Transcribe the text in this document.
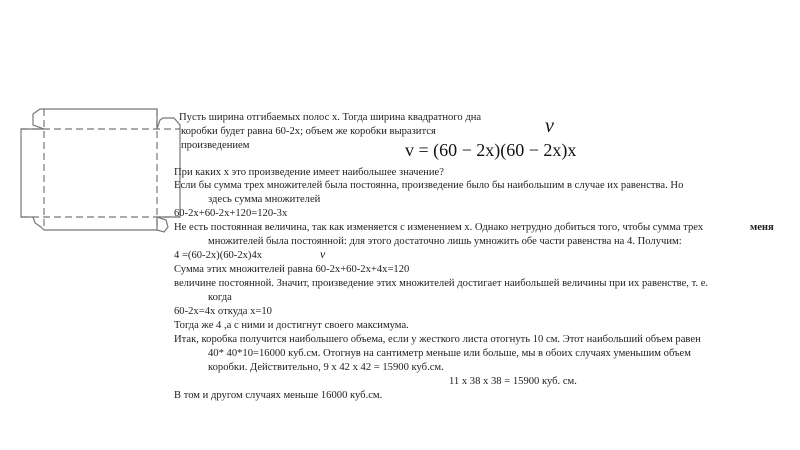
Пусть ширина отгибаемых полос x. Тогда ширина квадратного дна
коробки будет равна 60-2x; объем же коробки выразится
произведением
При каких x это произведение имеет наибольшее значение?
Если бы сумма трех множителей была постоянна, произведение было бы наибольшим в случае их равенства. Но
здесь сумма множителей
60-2x+60-2x+120=120-3x
Не есть постоянная величина, так как изменяется с изменением x. Однако нетрудно добиться того, чтобы сумма трех
множителей была постоянной: для этого достаточно лишь умножить обе части равенства на 4. Получим:
4 =(60-2x)(60-2x)4x
Сумма этих множителей равна 60-2x+60-2x+4x=120
величине постоянной. Значит, произведение этих множителей достигает наибольшей величины при их равенстве, т. е.
когда
60-2x=4x откуда x=10
Тогда же 4 ,а с ними и достигнут своего максимума.
Итак, коробка получится наибольшего объема, если у жесткого листа отогнуть 10 см. Этот наибольший объем равен
40* 40*10=16000 куб.см. Отогнув на сантиметр меньше или больше, мы в обоих случаях уменьшим объем
коробки. Действительно, 9 x 42 x 42 = 15900 куб.см.
11 x 38 x 38 = 15900 куб. см.
В том и другом случаях меньше 16000 куб.см.
v
v = (60 − 2x)(60 − 2x)x
меня
v
